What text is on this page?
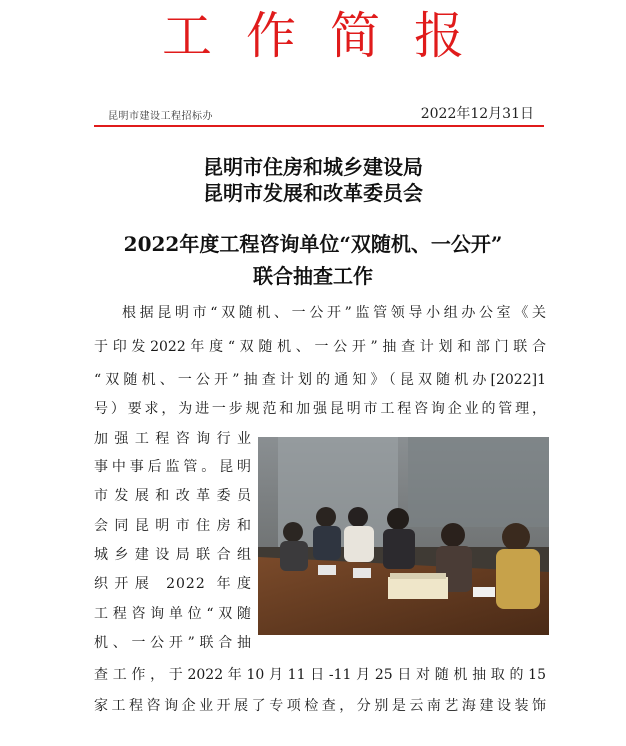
工作简报
昆明市建设工程招标办	2022年12月31日
昆明市住房和城乡建设局
昆明市发展和改革委员会
2022年度工程咨询单位“双随机、一公开”
联合抽查工作
根据昆明市“双随机、一公开”监管领导小组办公室《关
于印发2022年度“双随机、一公开”抽查计划和部门联合
“双随机、一公开”抽查计划的通知》（昆双随机办[2022]1
号）要求，为进一步规范和加强昆明市工程咨询企业的管理，
加强工程咨询行业
事中事后监管。昆明
市发展和改革委员
会同昆明市住房和
城乡建设局联合组
织开展 2022 年度
工程咨询单位“双随
机、一公开”联合抽
查工作，于2022年10月11日-11月25日对随机抽取的15
家工程咨询企业开展了专项检查，分别是云南艺海建设装饰
